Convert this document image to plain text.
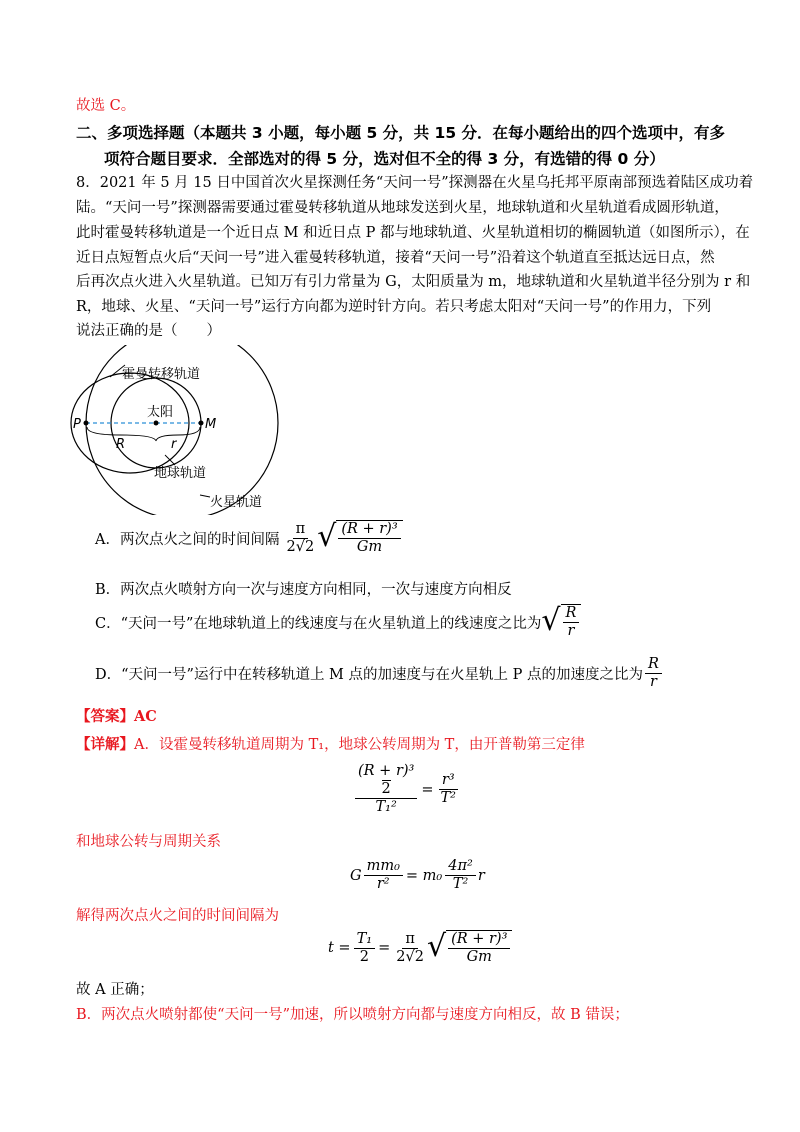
故选 C。
二、多项选择题（本题共 3 小题，每小题 5 分，共 15 分．在每小题给出的四个选项中，有多
项符合题目要求．全部选对的得 5 分，选对但不全的得 3 分，有选错的得 0 分）
8．2021 年 5 月 15 日中国首次火星探测任务“天问一号”探测器在火星乌托邦平原南部预选着陆区成功着
陆。“天问一号”探测器需要通过霍曼转移轨道从地球发送到火星，地球轨道和火星轨道看成圆形轨道，
此时霍曼转移轨道是一个近日点 M 和近日点 P 都与地球轨道、火星轨道相切的椭圆轨道（如图所示），在
近日点短暂点火后“天问一号”进入霍曼转移轨道，接着“天问一号”沿着这个轨道直至抵达远日点，然
后再次点火进入火星轨道。已知万有引力常量为 G，太阳质量为 m，地球轨道和火星轨道半径分别为 r 和
R，地球、火星、“天问一号”运行方向都为逆时针方向。若只考虑太阳对“天问一号”的作用力，下列
说法正确的是（　　）
霍曼转移轨道
太阳
P	M
R	r
地球轨道
火星轨道
A．两次点火之间的时间间隔 $\frac{\pi}{2√2}$ √ $\frac{\text{(R + r)³}}{Gm}$
B．两次点火喷射方向一次与速度方向相同，一次与速度方向相反
C．“天问一号”在地球轨道上的线速度与在火星轨道上的线速度之比为 √ $\frac{R}{r}$
D．“天问一号”运行中在转移轨道上 M 点的加速度与在火星轨上 P 点的加速度之比为 $\frac{R}{r}$
【答案】AC
【详解】A．设霍曼转移轨道周期为 T₁，地球公转周期为 T，由开普勒第三定律
(R + r)³
2
$T_1^2 = \frac{\text{r³}}{\text{T²}}$
和地球公转与周期关系
G $\frac{\text{mm₀}}{\text{r²}} = m_0 \frac{\text{4π²}}{\text{T²}}$ r
解得两次点火之间的时间间隔为
$t = \frac{\text{T₁}}{2} = \frac{\pi}{2√2}$ √ $\frac{\text{(R + r)³}}{Gm}$
故 A 正确；
B．两次点火喷射都使“天问一号”加速，所以喷射方向都与速度方向相反，故 B 错误；
